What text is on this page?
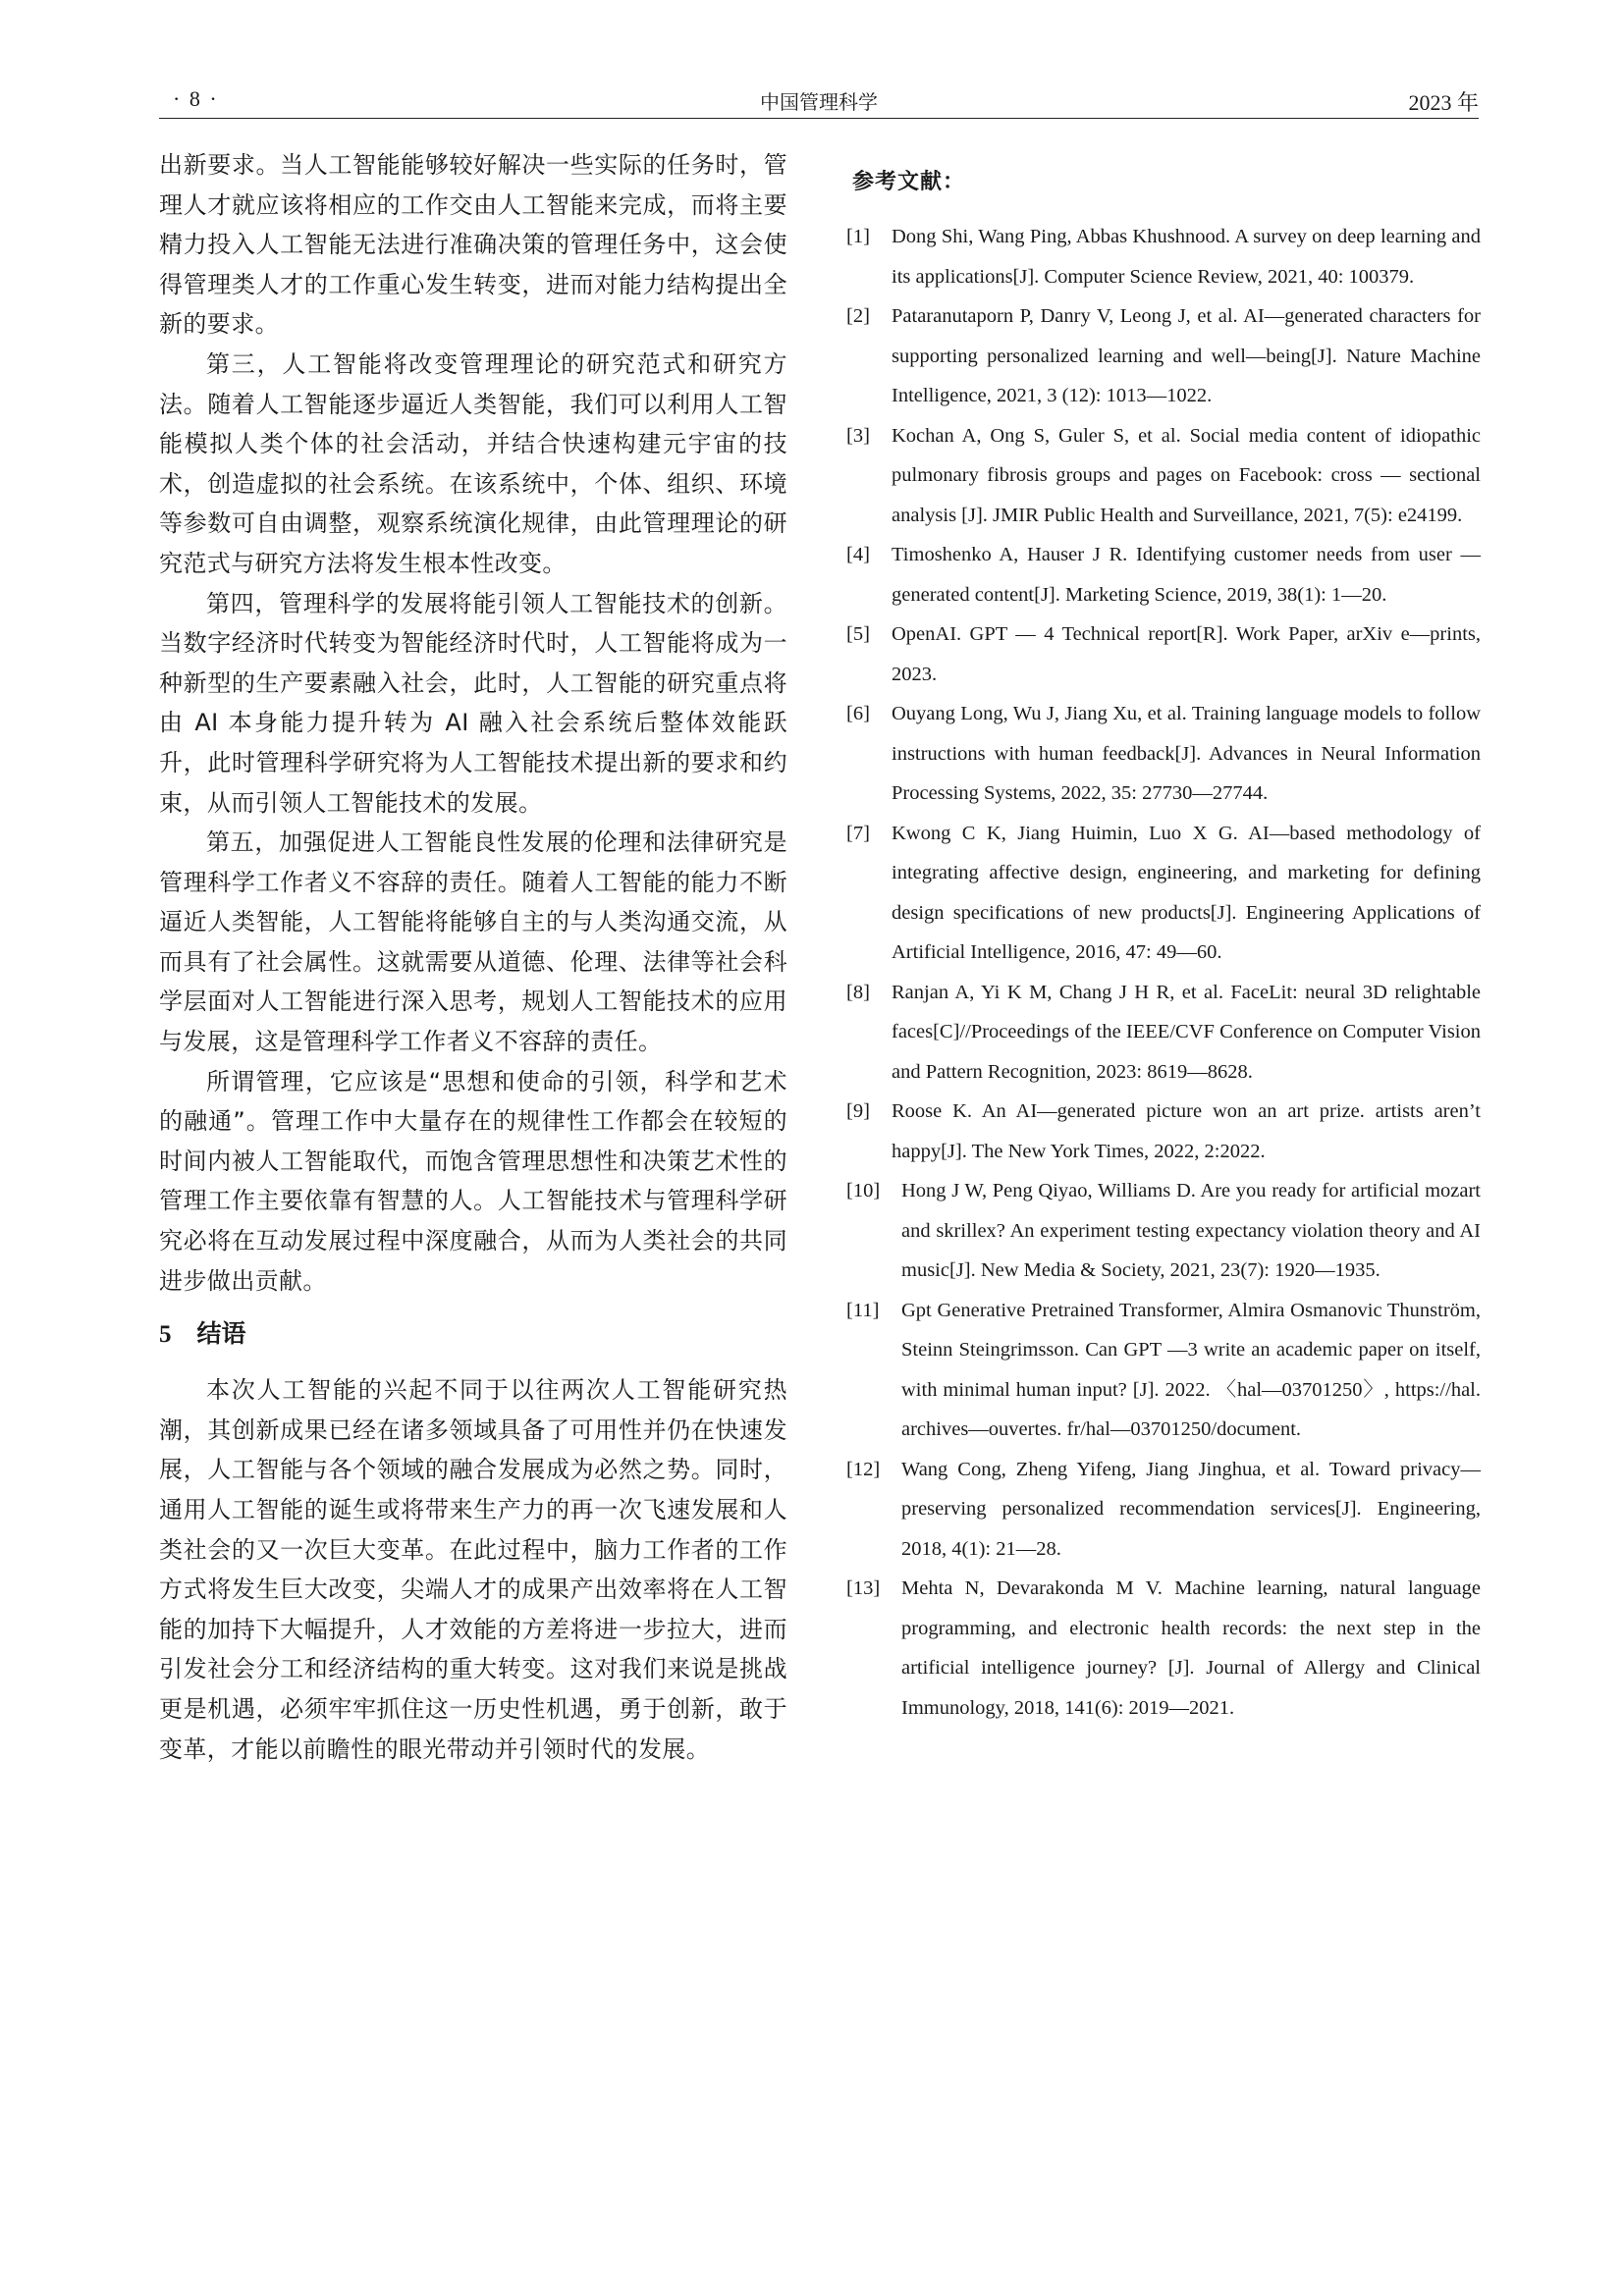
· 8 ·	中国管理科学	2023 年

出新要求。当人工智能能够较好解决一些实际的任务时，管理人才就应该将相应的工作交由人工智能来完成，而将主要精力投入人工智能无法进行准确决策的管理任务中，这会使得管理类人才的工作重心发生转变，进而对能力结构提出全新的要求。

第三，人工智能将改变管理理论的研究范式和研究方法。随着人工智能逐步逼近人类智能，我们可以利用人工智能模拟人类个体的社会活动，并结合快速构建元宇宙的技术，创造虚拟的社会系统。在该系统中，个体、组织、环境等参数可自由调整，观察系统演化规律，由此管理理论的研究范式与研究方法将发生根本性改变。

第四，管理科学的发展将能引领人工智能技术的创新。当数字经济时代转变为智能经济时代时，人工智能将成为一种新型的生产要素融入社会，此时，人工智能的研究重点将由 AI 本身能力提升转为 AI 融入社会系统后整体效能跃升，此时管理科学研究将为人工智能技术提出新的要求和约束，从而引领人工智能技术的发展。

第五，加强促进人工智能良性发展的伦理和法律研究是管理科学工作者义不容辞的责任。随着人工智能的能力不断逼近人类智能，人工智能将能够自主的与人类沟通交流，从而具有了社会属性。这就需要从道德、伦理、法律等社会科学层面对人工智能进行深入思考，规划人工智能技术的应用与发展，这是管理科学工作者义不容辞的责任。

所谓管理，它应该是“思想和使命的引领，科学和艺术的融通”。管理工作中大量存在的规律性工作都会在较短的时间内被人工智能取代，而饱含管理思想性和决策艺术性的管理工作主要依靠有智慧的人。人工智能技术与管理科学研究必将在互动发展过程中深度融合，从而为人类社会的共同进步做出贡献。

5 结语

本次人工智能的兴起不同于以往两次人工智能研究热潮，其创新成果已经在诸多领域具备了可用性并仍在快速发展，人工智能与各个领域的融合发展成为必然之势。同时，通用人工智能的诞生或将带来生产力的再一次飞速发展和人类社会的又一次巨大变革。在此过程中，脑力工作者的工作方式将发生巨大改变，尖端人才的成果产出效率将在人工智能的加持下大幅提升，人才效能的方差将进一步拉大，进而引发社会分工和经济结构的重大转变。这对我们来说是挑战更是机遇，必须牢牢抓住这一历史性机遇，勇于创新，敢于变革，才能以前瞻性的眼光带动并引领时代的发展。

参考文献：
[1] Dong Shi, Wang Ping, Abbas Khushnood. A survey on deep learning and its applications[J]. Computer Science Review, 2021, 40: 100379.
[2] Pataranutaporn P, Danry V, Leong J, et al. AI—generated characters for supporting personalized learning and well—being[J]. Nature Machine Intelligence, 2021, 3 (12): 1013—1022.
[3] Kochan A, Ong S, Guler S, et al. Social media content of idiopathic pulmonary fibrosis groups and pages on Facebook: cross — sectional analysis [J]. JMIR Public Health and Surveillance, 2021, 7(5): e24199.
[4] Timoshenko A, Hauser J R. Identifying customer needs from user — generated content[J]. Marketing Science, 2019, 38(1): 1—20.
[5] OpenAI. GPT — 4 Technical report[R]. Work Paper, arXiv e—prints, 2023.
[6] Ouyang Long, Wu J, Jiang Xu, et al. Training language models to follow instructions with human feedback[J]. Advances in Neural Information Processing Systems, 2022, 35: 27730—27744.
[7] Kwong C K, Jiang Huimin, Luo X G. AI—based methodology of integrating affective design, engineering, and marketing for defining design specifications of new products[J]. Engineering Applications of Artificial Intelligence, 2016, 47: 49—60.
[8] Ranjan A, Yi K M, Chang J H R, et al. FaceLit: neural 3D relightable faces[C]//Proceedings of the IEEE/CVF Conference on Computer Vision and Pattern Recognition, 2023: 8619—8628.
[9] Roose K. An AI—generated picture won an art prize. artists aren’t happy[J]. The New York Times, 2022, 2:2022.
[10] Hong J W, Peng Qiyao, Williams D. Are you ready for artificial mozart and skrillex? An experiment testing expectancy violation theory and AI music[J]. New Media & Society, 2021, 23(7): 1920—1935.
[11] Gpt Generative Pretrained Transformer, Almira Osmanovic Thunström, Steinn Steingrimsson. Can GPT —3 write an academic paper on itself, with minimal human input? [J]. 2022. 〈hal—03701250〉, https://hal. archives—ouvertes. fr/hal—03701250/document.
[12] Wang Cong, Zheng Yifeng, Jiang Jinghua, et al. Toward privacy—preserving personalized recommendation services[J]. Engineering, 2018, 4(1): 21—28.
[13] Mehta N, Devarakonda M V. Machine learning, natural language programming, and electronic health records: the next step in the artificial intelligence journey? [J]. Journal of Allergy and Clinical Immunology, 2018, 141(6): 2019—2021.
